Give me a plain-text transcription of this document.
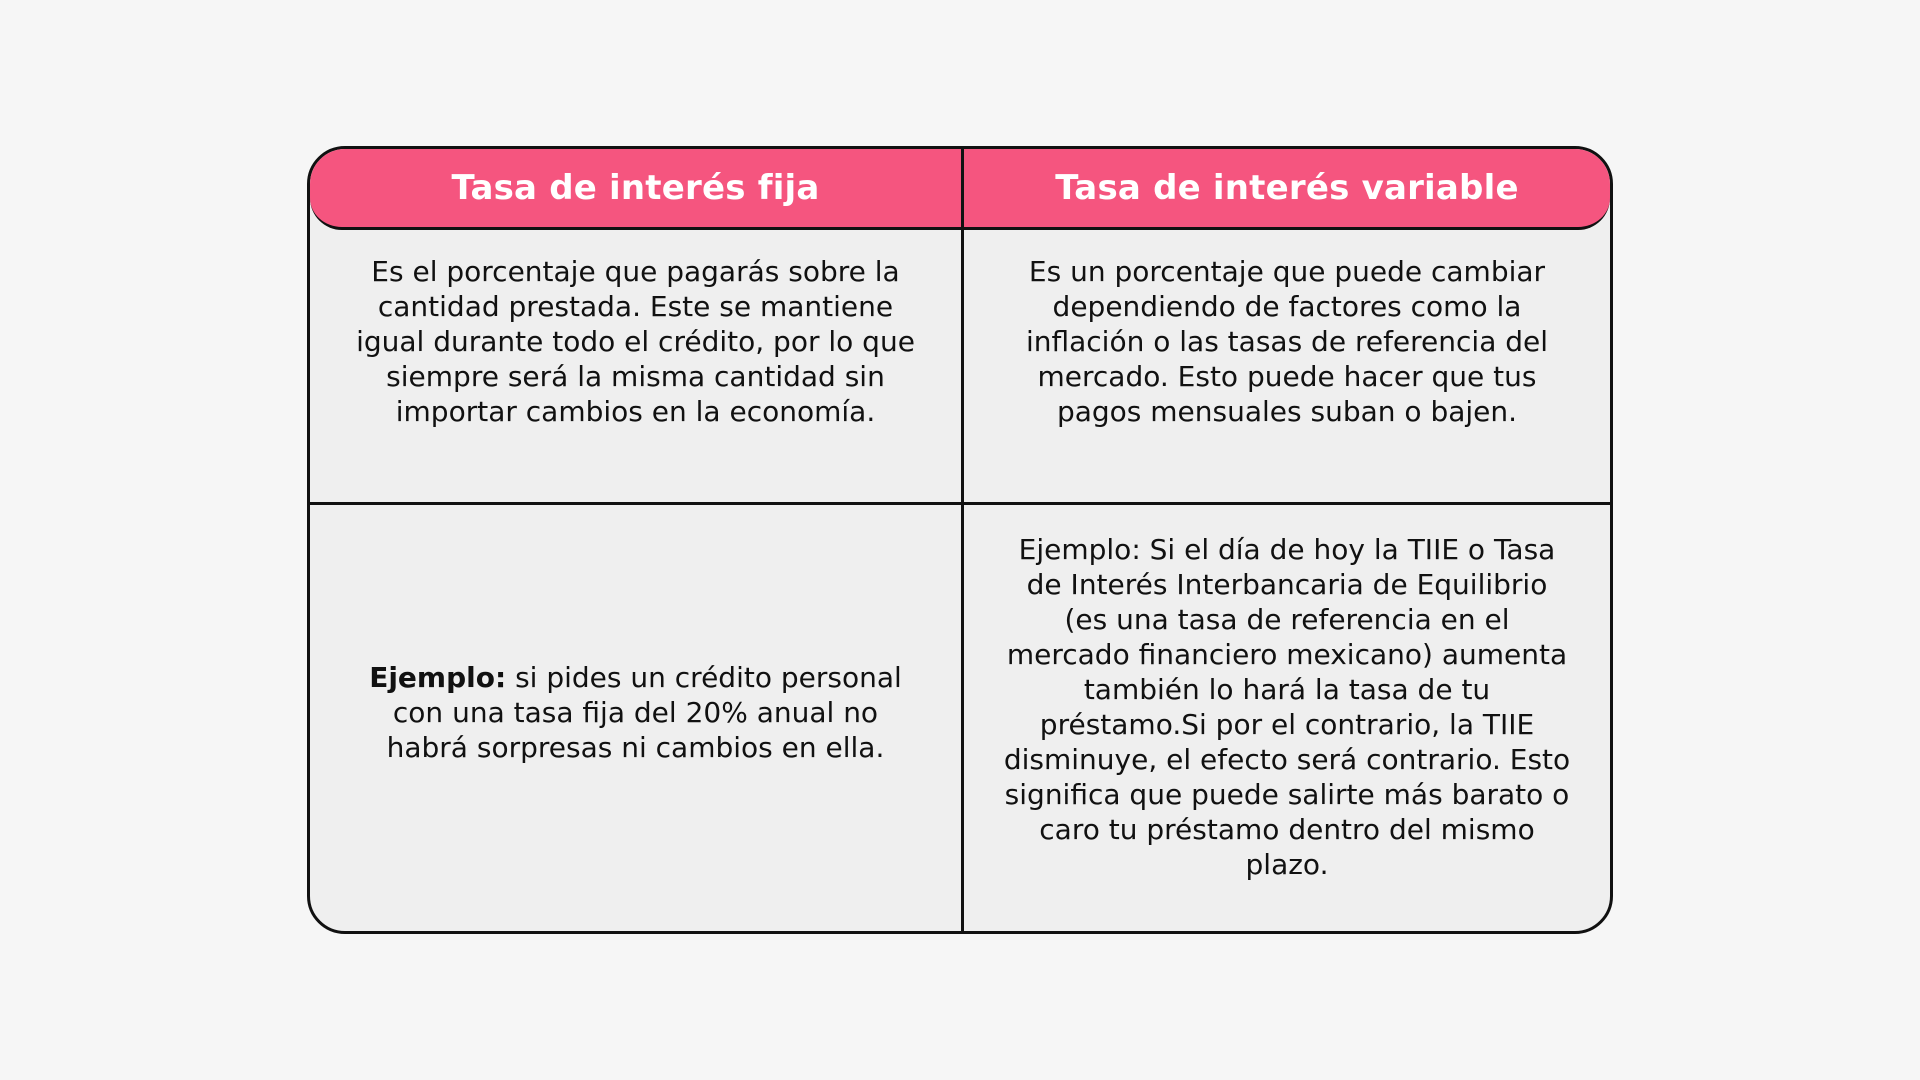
Tasa de interés fija	Tasa de interés variable

Es el porcentaje que pagarás sobre la cantidad prestada. Este se mantiene igual durante todo el crédito, por lo que siempre será la misma cantidad sin importar cambios en la economía.

Es un porcentaje que puede cambiar dependiendo de factores como la inflación o las tasas de referencia del mercado. Esto puede hacer que tus pagos mensuales suban o bajen.

Ejemplo: si pides un crédito personal con una tasa fija del 20% anual no habrá sorpresas ni cambios en ella.

Ejemplo: Si el día de hoy la TIIE o Tasa de Interés Interbancaria de Equilibrio (es una tasa de referencia en el mercado financiero mexicano) aumenta también lo hará la tasa de tu préstamo.Si por el contrario, la TIIE disminuye, el efecto será contrario. Esto significa que puede salirte más barato o caro tu préstamo dentro del mismo plazo.
